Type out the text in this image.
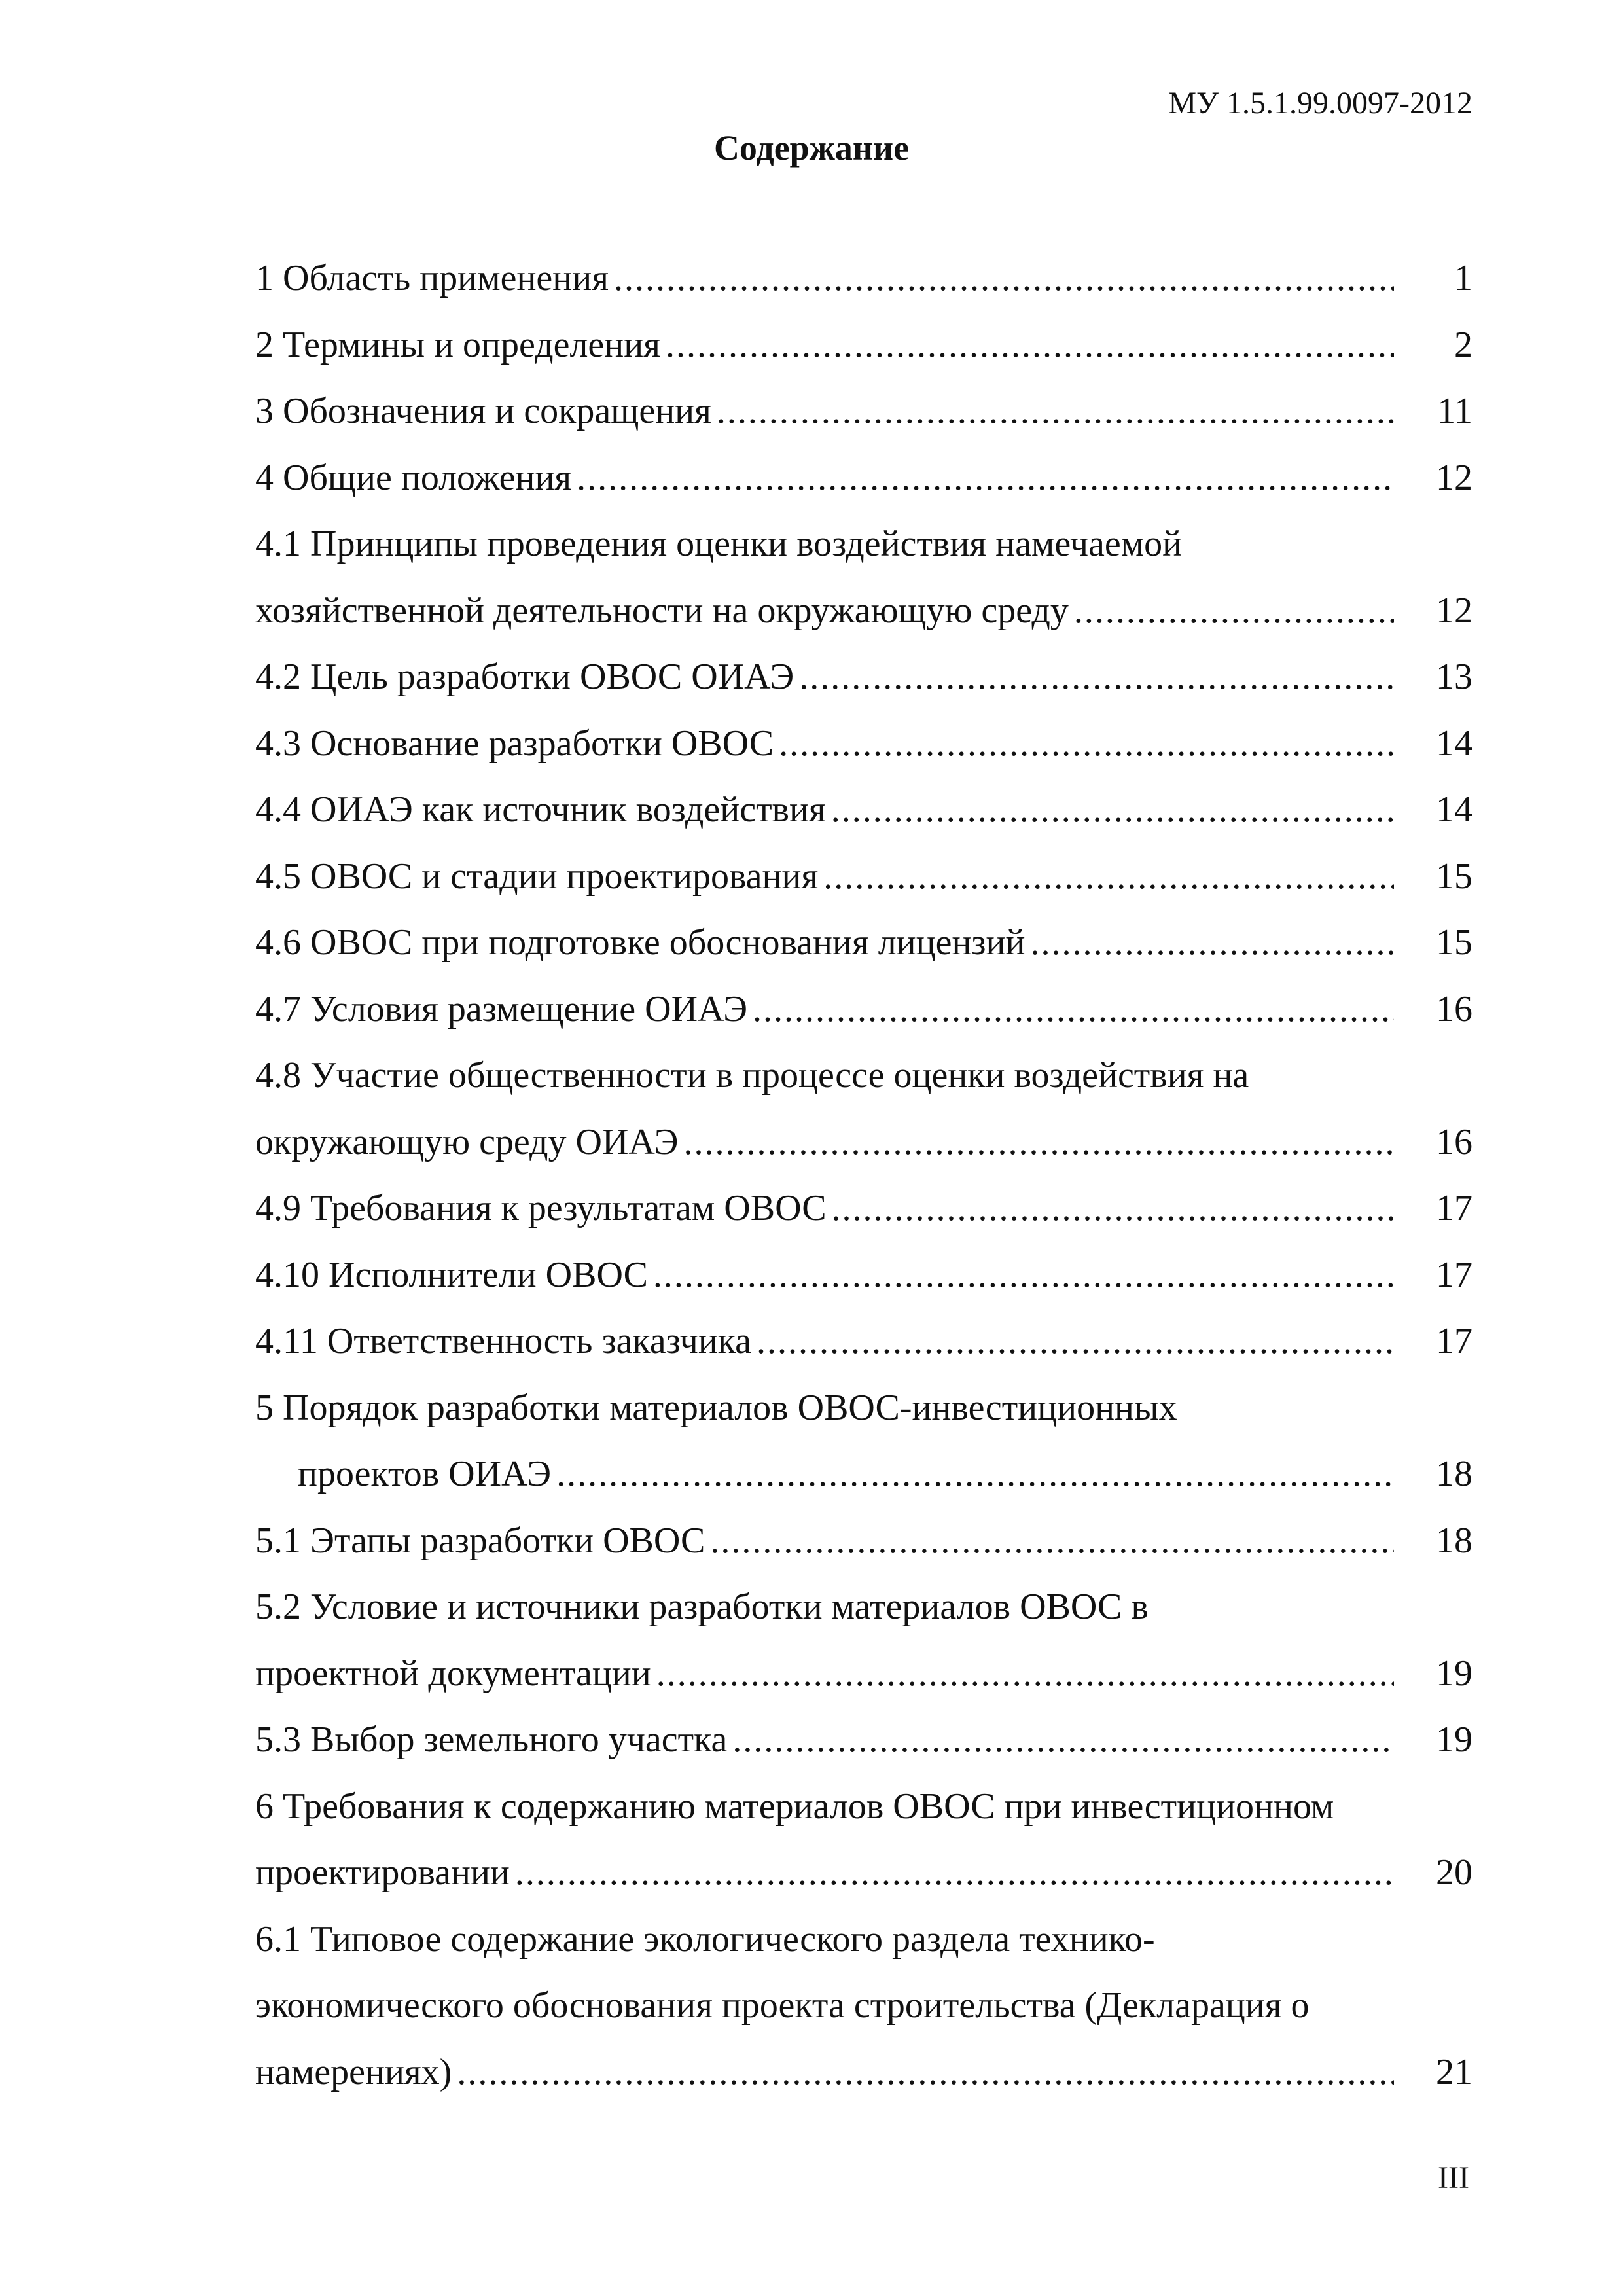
МУ 1.5.1.99.0097-2012
Содержание
1 Область применения .....	1
2 Термины и определения .....	2
3 Обозначения и сокращения .....	11
4 Общие положения .....	12
4.1 Принципы проведения оценки воздействия намечаемой
хозяйственной деятельности на окружающую среду .....	12
4.2 Цель разработки ОВОС ОИАЭ .....	13
4.3 Основание разработки ОВОС .....	14
4.4 ОИАЭ как источник воздействия .....	14
4.5 ОВОС и стадии проектирования .....	15
4.6 ОВОС при подготовке обоснования лицензий .....	15
4.7 Условия размещение ОИАЭ .....	16
4.8 Участие общественности в процессе оценки воздействия на
окружающую среду ОИАЭ .....	16
4.9 Требования к результатам ОВОС .....	17
4.10 Исполнители ОВОС .....	17
4.11 Ответственность заказчика .....	17
5 Порядок разработки материалов ОВОС-инвестиционных
проектов ОИАЭ .....	18
5.1 Этапы разработки ОВОС .....	18
5.2 Условие и источники разработки материалов ОВОС в
проектной документации .....	19
5.3 Выбор земельного участка .....	19
6 Требования к содержанию материалов ОВОС при инвестиционном
проектировании .....	20
6.1 Типовое содержание экологического раздела технико-
экономического обоснования проекта строительства (Декларация о
намерениях) .....	21
III
